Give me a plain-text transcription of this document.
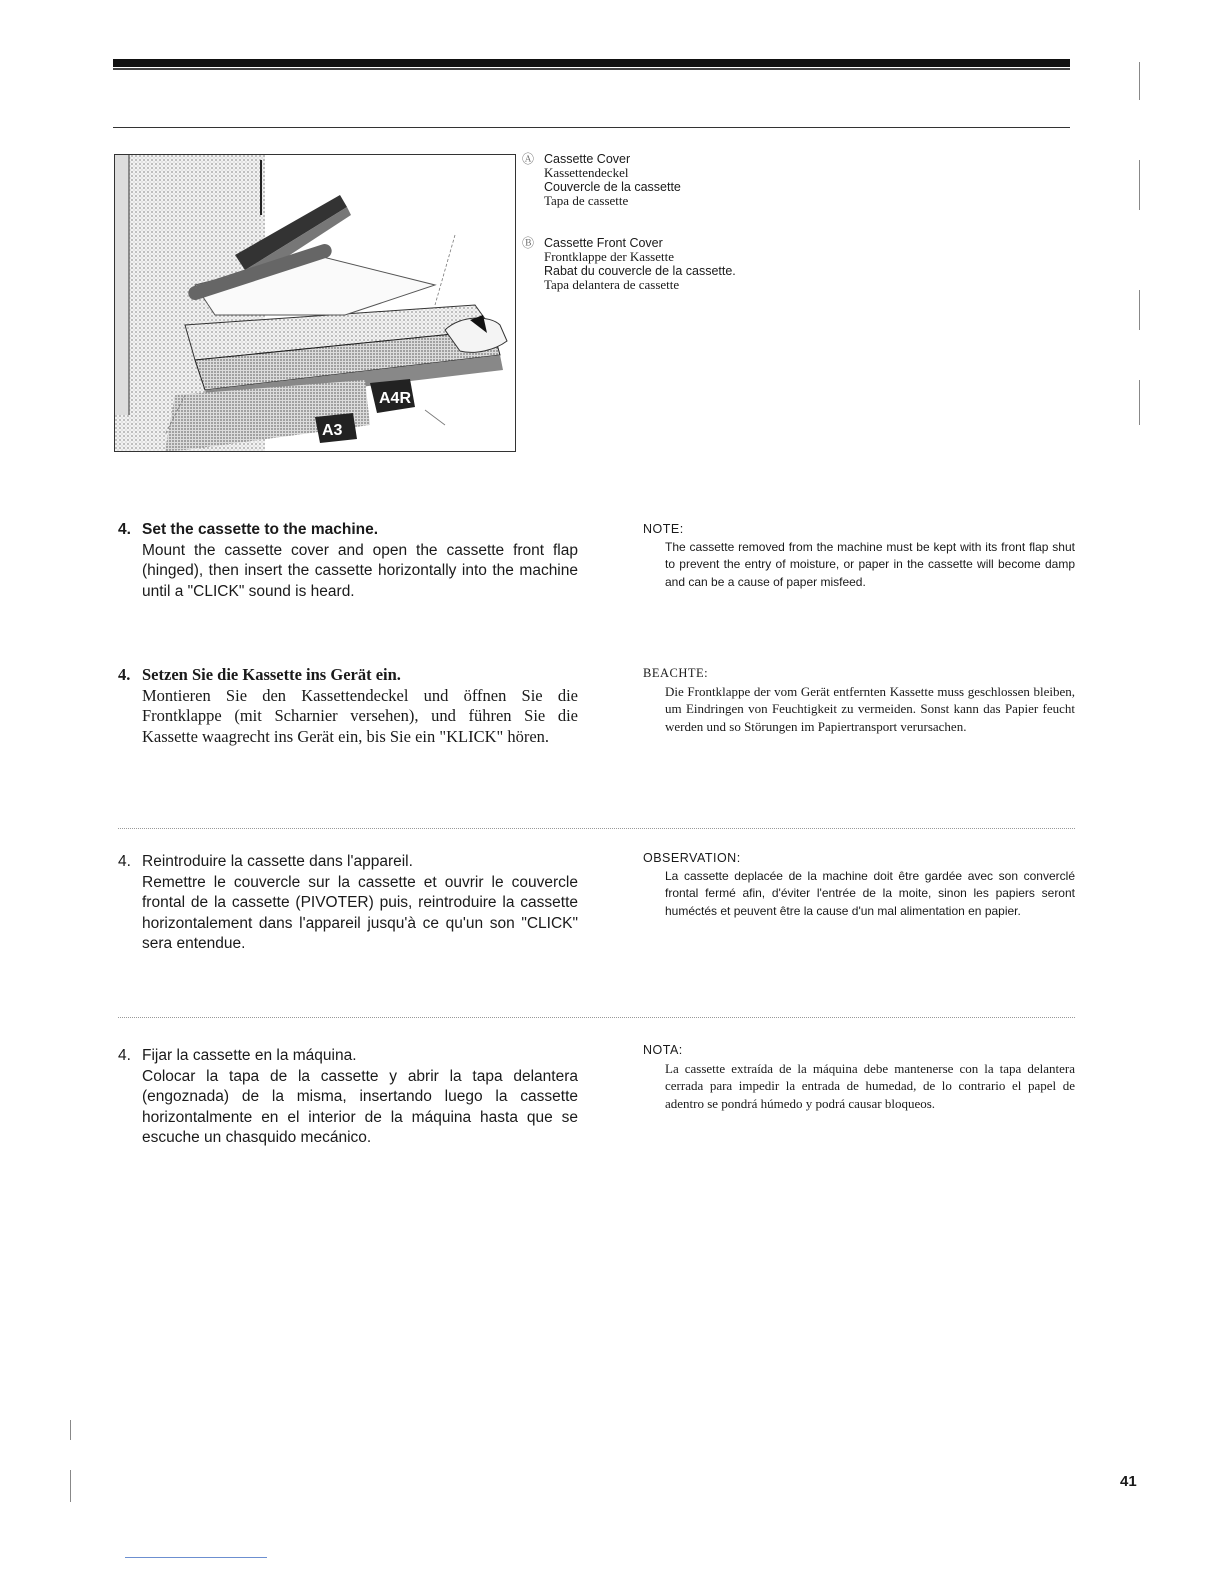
A4R
A3
Ⓐ Cassette Cover
Kassettendeckel
Couvercle de la cassette
Tapa de cassette
Ⓑ Cassette Front Cover
Frontklappe der Kassette
Rabat du couvercle de la cassette.
Tapa delantera de cassette
4. Set the cassette to the machine.
Mount the cassette cover and open the cassette front flap (hinged), then insert the cassette horizontally into the machine until a "CLICK" sound is heard.
NOTE:
The cassette removed from the machine must be kept with its front flap shut to prevent the entry of moisture, or paper in the cassette will become damp and can be a cause of paper misfeed.
4. Setzen Sie die Kassette ins Gerät ein.
Montieren Sie den Kassettendeckel und öffnen Sie die Frontklappe (mit Scharnier versehen), und führen Sie die Kassette waagrecht ins Gerät ein, bis Sie ein "KLICK" hören.
BEACHTE:
Die Frontklappe der vom Gerät entfernten Kassette muss geschlossen bleiben, um Eindringen von Feuchtigkeit zu vermeiden. Sonst kann das Papier feucht werden und so Störungen im Papiertransport verursachen.
4. Reintroduire la cassette dans l'appareil.
Remettre le couvercle sur la cassette et ouvrir le couvercle frontal de la cassette (PIVOTER) puis, reintroduire la cassette horizontalement dans l'appareil jusqu'à ce qu'un son "CLICK" sera entendue.
OBSERVATION:
La cassette deplacée de la machine doit être gardée avec son converclé frontal fermé afin, d'éviter l'entrée de la moite, sinon les papiers seront huméctés et peuvent être la cause d'un mal alimentation en papier.
4. Fijar la cassette en la máquina.
Colocar la tapa de la cassette y abrir la tapa delantera (engoznada) de la misma, insertando luego la cassette horizontalmente en el interior de la máquina hasta que se escuche un chasquido mecánico.
NOTA:
La cassette extraída de la máquina debe mantenerse con la tapa delantera cerrada para impedir la entrada de humedad, de lo contrario el papel de adentro se pondrá húmedo y podrá causar bloqueos.
41
